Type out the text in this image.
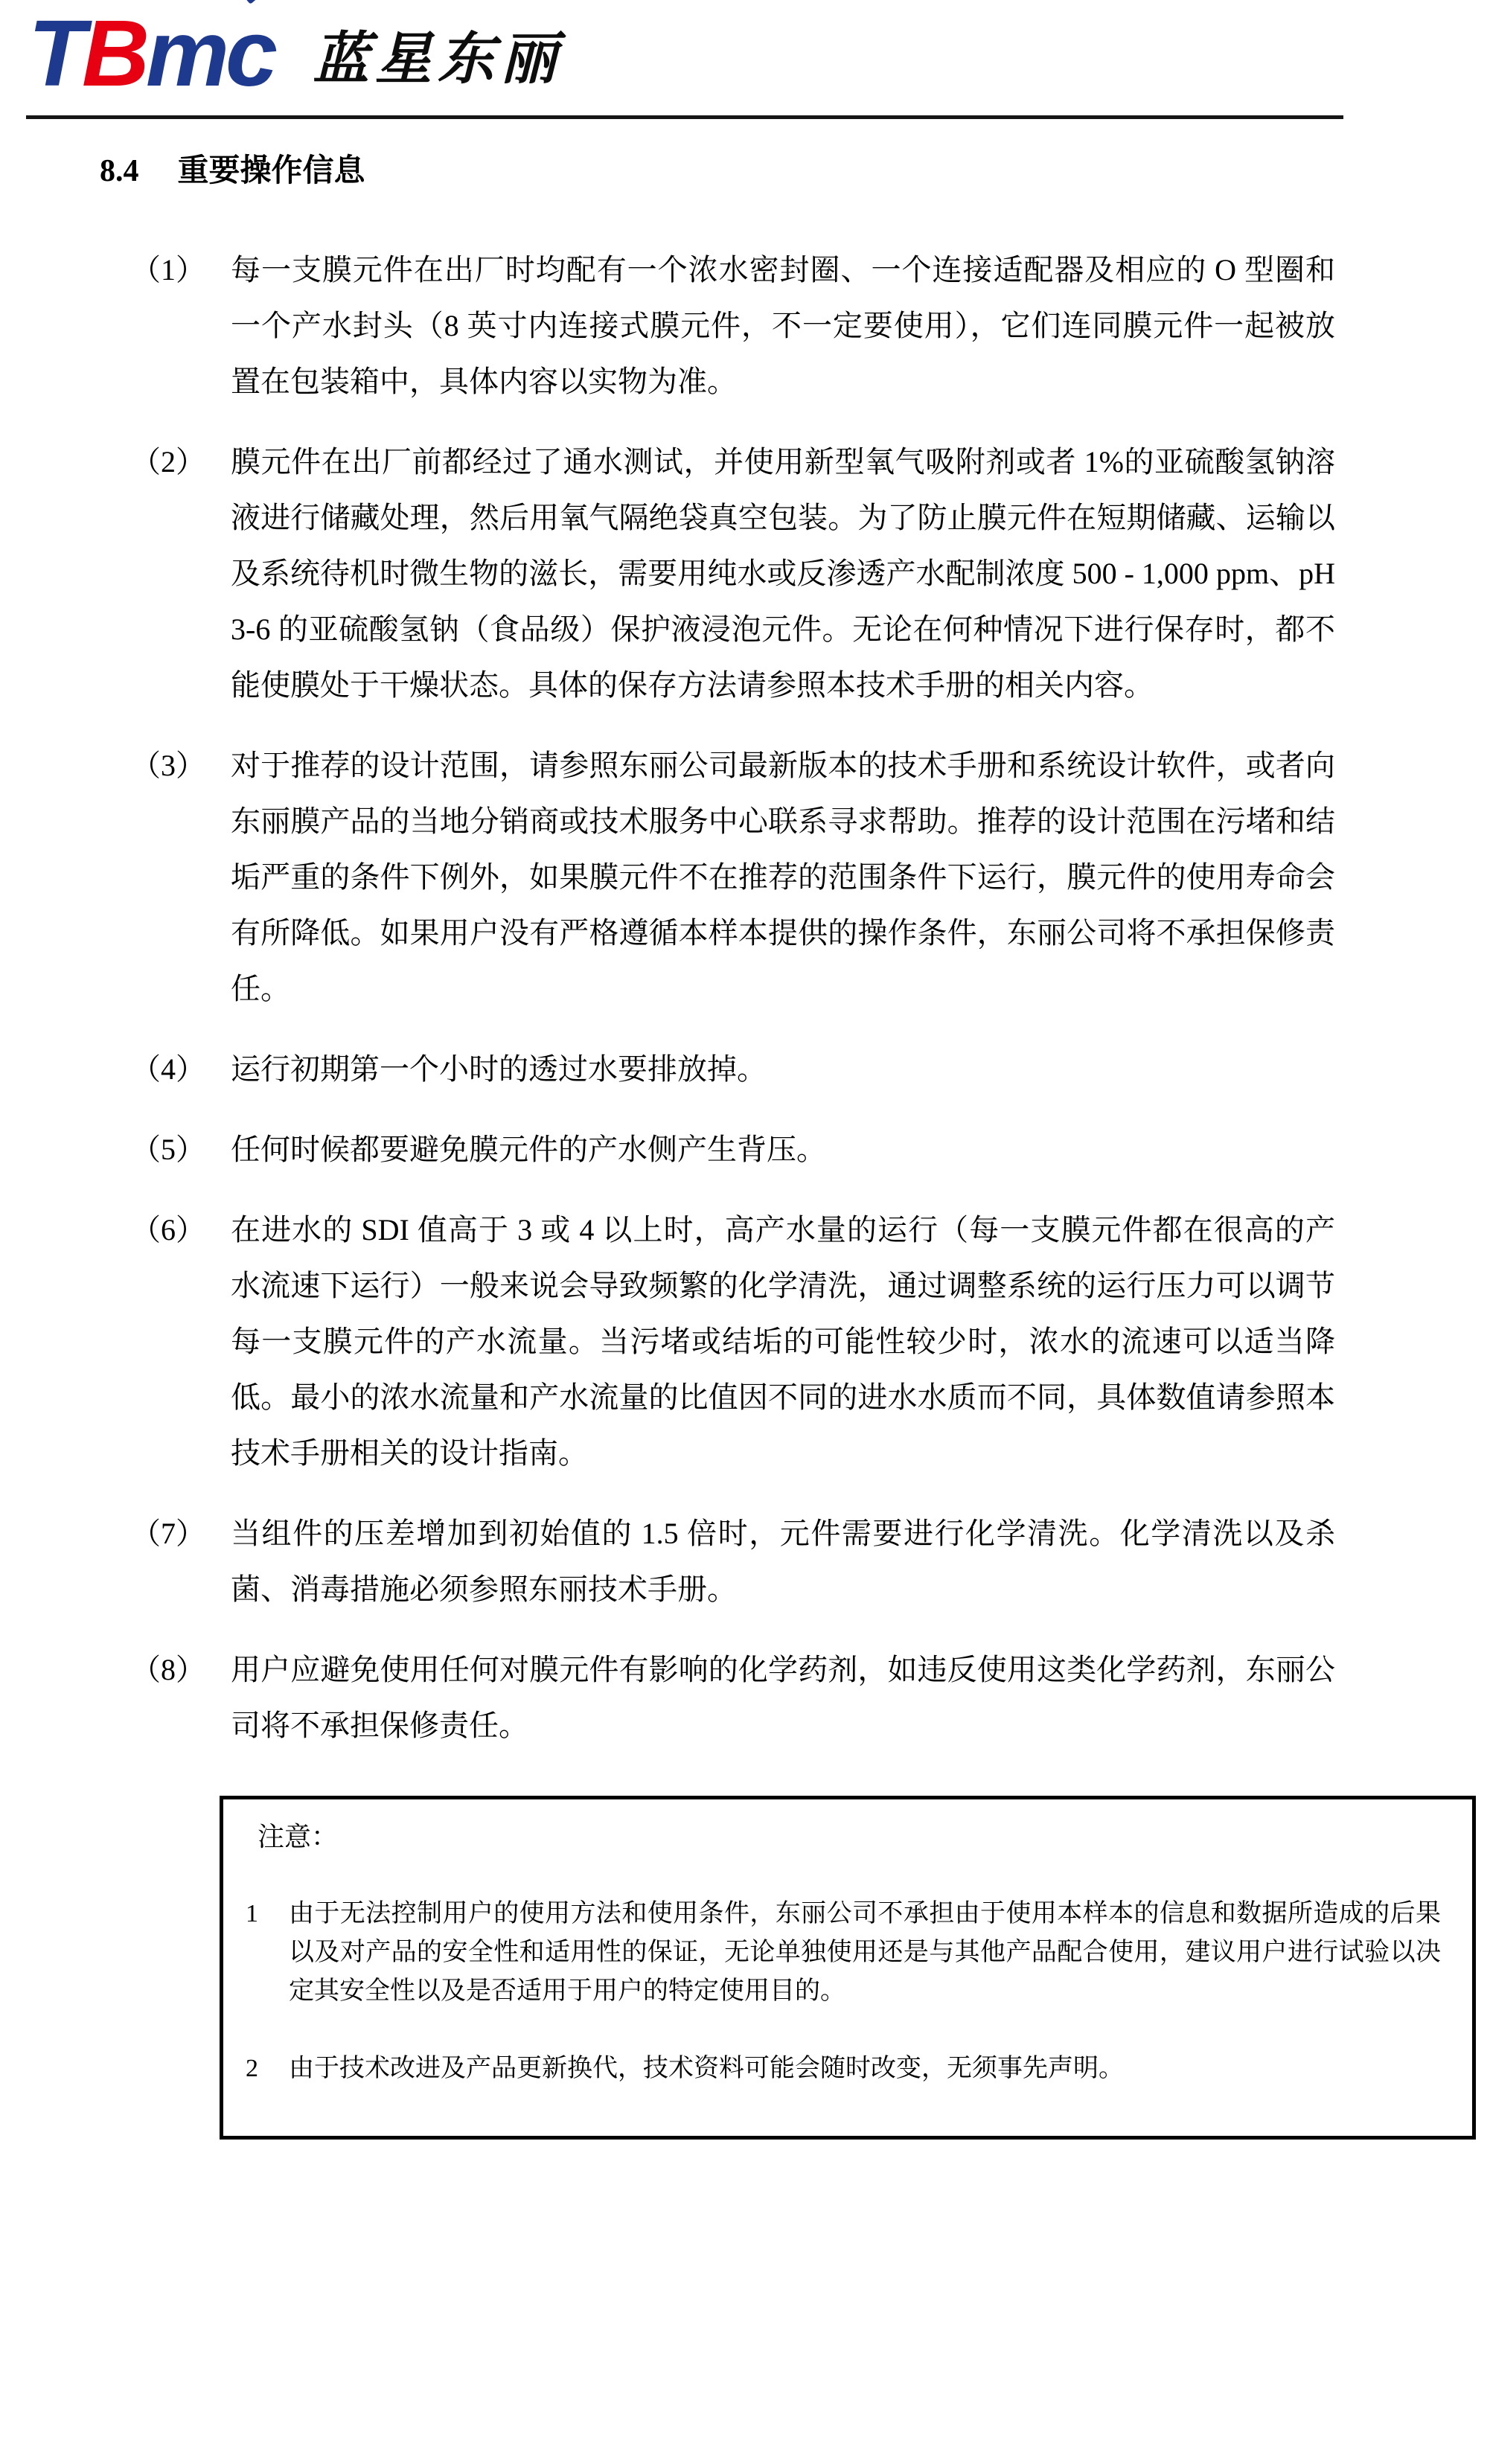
TBmc 蓝星东丽
8.4 重要操作信息
（1） 每一支膜元件在出厂时均配有一个浓水密封圈、一个连接适配器及相应的 O 型圈和一个产水封头（8 英寸内连接式膜元件，不一定要使用），它们连同膜元件一起被放置在包装箱中，具体内容以实物为准。
（2） 膜元件在出厂前都经过了通水测试，并使用新型氧气吸附剂或者 1%的亚硫酸氢钠溶液进行储藏处理，然后用氧气隔绝袋真空包装。为了防止膜元件在短期储藏、运输以及系统待机时微生物的滋长，需要用纯水或反渗透产水配制浓度 500 - 1,000 ppm、pH 3-6 的亚硫酸氢钠（食品级）保护液浸泡元件。无论在何种情况下进行保存时，都不能使膜处于干燥状态。具体的保存方法请参照本技术手册的相关内容。
（3） 对于推荐的设计范围，请参照东丽公司最新版本的技术手册和系统设计软件，或者向东丽膜产品的当地分销商或技术服务中心联系寻求帮助。推荐的设计范围在污堵和结垢严重的条件下例外，如果膜元件不在推荐的范围条件下运行，膜元件的使用寿命会有所降低。如果用户没有严格遵循本样本提供的操作条件，东丽公司将不承担保修责任。
（4） 运行初期第一个小时的透过水要排放掉。
（5） 任何时候都要避免膜元件的产水侧产生背压。
（6） 在进水的 SDI 值高于 3 或 4 以上时，高产水量的运行（每一支膜元件都在很高的产水流速下运行）一般来说会导致频繁的化学清洗，通过调整系统的运行压力可以调节每一支膜元件的产水流量。当污堵或结垢的可能性较少时，浓水的流速可以适当降低。最小的浓水流量和产水流量的比值因不同的进水水质而不同，具体数值请参照本技术手册相关的设计指南。
（7） 当组件的压差增加到初始值的 1.5 倍时，元件需要进行化学清洗。化学清洗以及杀菌、消毒措施必须参照东丽技术手册。
（8） 用户应避免使用任何对膜元件有影响的化学药剂，如违反使用这类化学药剂，东丽公司将不承担保修责任。
注意：
1	由于无法控制用户的使用方法和使用条件，东丽公司不承担由于使用本样本的信息和数据所造成的后果以及对产品的安全性和适用性的保证，无论单独使用还是与其他产品配合使用，建议用户进行试验以决定其安全性以及是否适用于用户的特定使用目的。
2	由于技术改进及产品更新换代，技术资料可能会随时改变，无须事先声明。
